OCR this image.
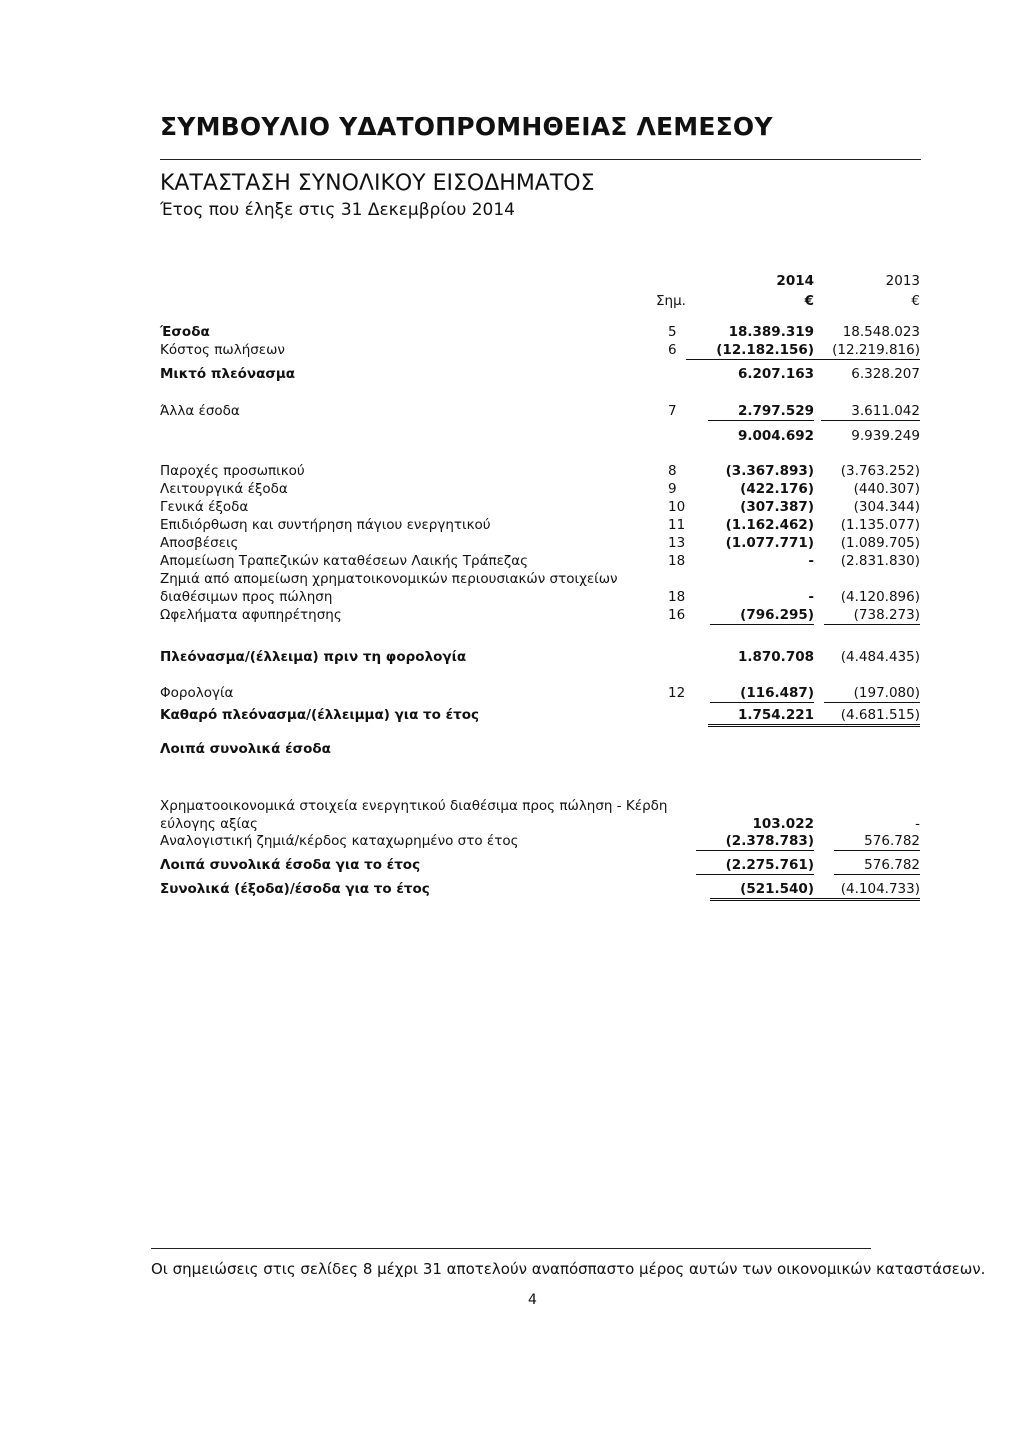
ΣΥΜΒΟΥΛΙΟ ΥΔΑΤΟΠΡΟΜΗΘΕΙΑΣ ΛΕΜΕΣΟΥ
ΚΑΤΑΣΤΑΣΗ ΣΥΝΟΛΙΚΟΥ ΕΙΣΟΔΗΜΑΤΟΣ
Έτος που έληξε στις 31 Δεκεμβρίου 2014
2014	2013
Σημ.	€	€
Έσοδα	5	18.389.319 18.548.023
Κόστος πωλήσεων	6	(12.182.156)	(12.219.816)
Μικτό πλεόνασμα	6.207.163	6.328.207
Άλλα έσοδα	7	2.797.529	3.611.042
9.004.692	9.939.249
Παροχές προσωπικού	8	(3.367.893) (3.763.252)
Λειτουργικά έξοδα	9	(422.176)	(440.307)
Γενικά έξοδα	10	(307.387)	(304.344)
Επιδιόρθωση και συντήρηση πάγιου ενεργητικού	11	(1.162.462) (1.135.077)
Αποσβέσεις	13	(1.077.771) (1.089.705)
Απομείωση Τραπεζικών καταθέσεων Λαικής Τράπεζας	18	- (2.831.830)
Ζημιά από απομείωση χρηματοικονομικών περιουσιακών στοιχείων
διαθέσιμων προς πώληση	18	- (4.120.896)
Ωφελήματα αφυπηρέτησης	16	(796.295)	(738.273)
Πλεόνασμα/(έλλειμα) πριν τη φορολογία	1.870.708 (4.484.435)
Φορολογία	12	(116.487)	(197.080)
Καθαρό πλεόνασμα/(έλλειμμα) για το έτος	1.754.221	(4.681.515)
Λοιπά συνολικά έσοδα
Χρηματοοικονομικά στοιχεία ενεργητικού διαθέσιμα προς πώληση - Κέρδη
εύλογης αξίας	103.022	-
Αναλογιστική ζημιά/κέρδος καταχωρημένο στο έτος	(2.378.783)	576.782
Λοιπά συνολικά έσοδα για το έτος	(2.275.761)	576.782
Συνολικά (έξοδα)/έσοδα για το έτος	(521.540)	(4.104.733)
Οι σημειώσεις στις σελίδες 8 μέχρι 31 αποτελούν αναπόσπαστο μέρος αυτών των οικονομικών καταστάσεων.
4
